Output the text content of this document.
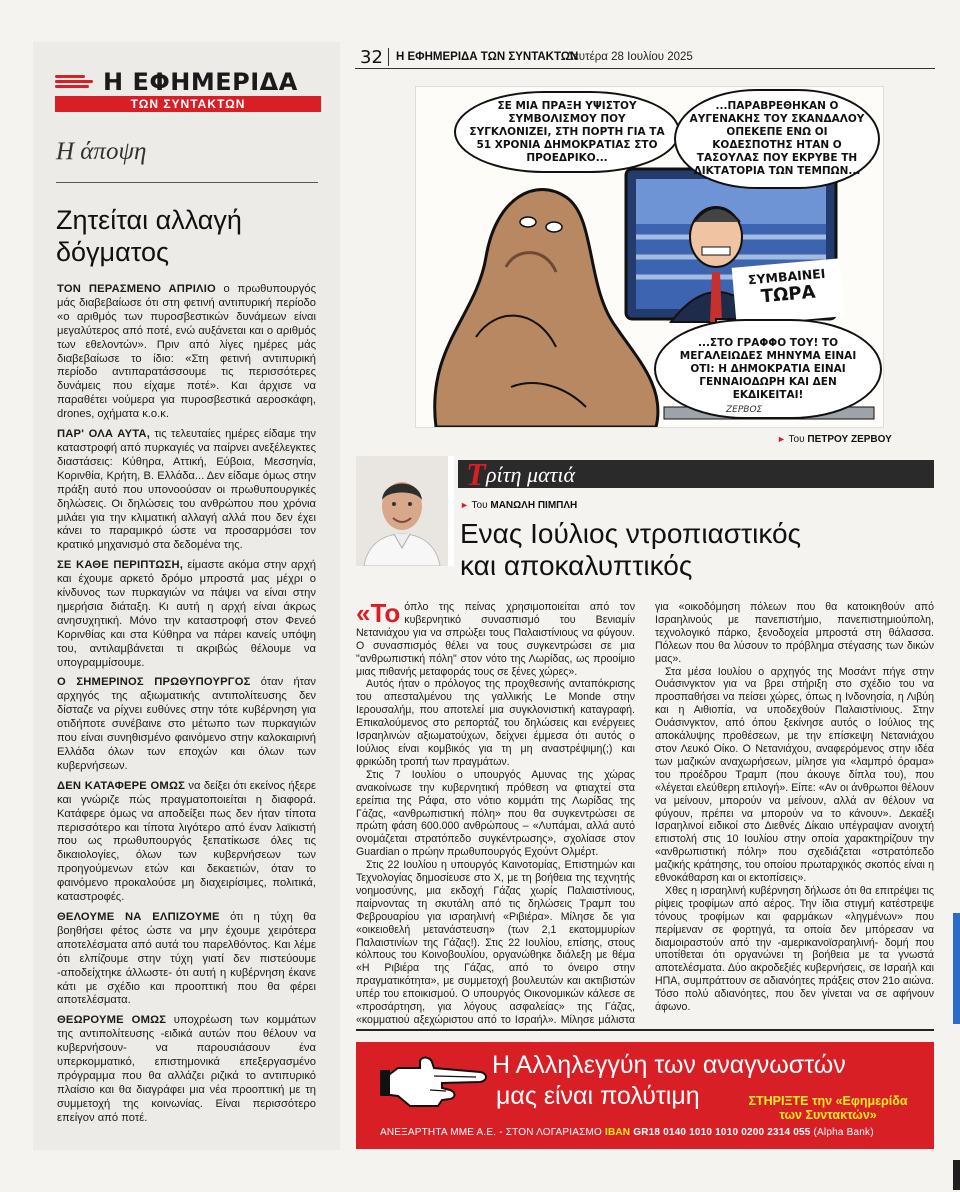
Η ΕΦΗΜΕΡΙΔΑ
ΤΩΝ ΣΥΝΤΑΚΤΩΝ
Η άποψη
Ζητείται αλλαγή
δόγματος

ΤΟΝ ΠΕΡΑΣΜΕΝΟ ΑΠΡΙΛΙΟ ο πρωθυπουργός μάς διαβεβαίωσε ότι στη φετινή αντιπυρική περίοδο «ο αριθμός των πυροσβεστικών δυνάμεων είναι μεγαλύτερος από ποτέ, ενώ αυξάνεται και ο αριθμός των εθελοντών». Πριν από λίγες ημέρες μάς διαβεβαίωσε το ίδιο: «Στη φετινή αντιπυρική περίοδο αντιπαρατάσσουμε τις περισσότερες δυνάμεις που είχαμε ποτέ». Και άρχισε να παραθέτει νούμερα για πυροσβεστικά αεροσκάφη, drones, οχήματα κ.ο.κ.

ΠΑΡ' ΟΛΑ ΑΥΤΑ, τις τελευταίες ημέρες είδαμε την καταστροφή από πυρκαγιές να παίρνει ανεξέλεγκτες διαστάσεις: Κύθηρα, Αττική, Εύβοια, Μεσσηνία, Κορινθία, Κρήτη, Β. Ελλάδα... Δεν είδαμε όμως στην πράξη αυτό που υπονοούσαν οι πρωθυπουργικές δηλώσεις. Οι δηλώσεις του ανθρώπου που χρόνια μιλάει για την κλιματική αλλαγή αλλά που δεν έχει κάνει το παραμικρό ώστε να προσαρμόσει τον κρατικό μηχανισμό στα δεδομένα της.

ΣΕ ΚΑΘΕ ΠΕΡΙΠΤΩΣΗ, είμαστε ακόμα στην αρχή και έχουμε αρκετό δρόμο μπροστά μας μέχρι ο κίνδυνος των πυρκαγιών να πάψει να είναι στην ημερήσια διάταξη. Κι αυτή η αρχή είναι άκρως ανησυχητική. Μόνο την καταστροφή στον Φενεό Κορινθίας και στα Κύθηρα να πάρει κανείς υπόψη του, αντιλαμβάνεται τι ακριβώς θέλουμε να υπογραμμίσουμε.

Ο ΣΗΜΕΡΙΝΟΣ ΠΡΩΘΥΠΟΥΡΓΟΣ όταν ήταν αρχηγός της αξιωματικής αντιπολίτευσης δεν δίσταζε να ρίχνει ευθύνες στην τότε κυβέρνηση για οτιδήποτε συνέβαινε στο μέτωπο των πυρκαγιών που είναι συνηθισμένο φαινόμενο στην καλοκαιρινή Ελλάδα όλων των εποχών και όλων των κυβερνήσεων.

ΔΕΝ ΚΑΤΑΦΕΡΕ ΟΜΩΣ να δείξει ότι εκείνος ήξερε και γνώριζε πώς πραγματοποιείται η διαφορά. Κατάφερε όμως να αποδείξει πως δεν ήταν τίποτα περισσότερο και τίποτα λιγότερο από έναν λαϊκιστή που ως πρωθυπουργός ξεπατίκωσε όλες τις δικαιολογίες, όλων των κυβερνήσεων των προηγούμενων ετών και δεκαετιών, όταν το φαινόμενο προκαλούσε μη διαχειρίσιμες, πολιτικά, καταστροφές.

ΘΕΛΟΥΜΕ ΝΑ ΕΛΠΙΖΟΥΜΕ ότι η τύχη θα βοηθήσει φέτος ώστε να μην έχουμε χειρότερα αποτελέσματα από αυτά του παρελθόντος. Και λέμε ότι ελπίζουμε στην τύχη γιατί δεν πιστεύουμε -αποδείχτηκε άλλωστε- ότι αυτή η κυβέρνηση έκανε κάτι με σχέδιο και προοπτική που θα φέρει αποτελέσματα.

ΘΕΩΡΟΥΜΕ ΟΜΩΣ υποχρέωση των κομμάτων της αντιπολίτευσης -ειδικά αυτών που θέλουν να κυβερνήσουν- να παρουσιάσουν ένα υπερκομματικό, επιστημονικά επεξεργασμένο πρόγραμμα που θα αλλάζει ριζικά το αντιπυρικό πλαίσιο και θα διαγράφει μια νέα προοπτική με τη συμμετοχή της κοινωνίας. Είναι περισσότερο επείγον από ποτέ.

32 Η ΕΦΗΜΕΡΙΔΑ ΤΩΝ ΣΥΝΤΑΚΤΩΝ
Δευτέρα 28 Ιουλίου 2025
ΣΕ ΜΙΑ ΠΡΑΞΗ ΥΨΙΣΤΟΥ ΣΥΜΒΟΛΙΣΜΟΥ ΠΟΥ ΣΥΓΚΛΟΝΙΖΕΙ, ΣΤΗ ΠΟΡΤΗ ΓΙΑ ΤΑ 51 ΧΡΟΝΙΑ ΔΗΜΟΚΡΑΤΙΑΣ ΣΤΟ ΠΡΟΕΔΡΙΚΟ...
...ΠΑΡΑΒΡΕΘΗΚΑΝ Ο ΑΥΓΕΝΑΚΗΣ ΤΟΥ ΣΚΑΝΔΑΛΟΥ ΟΠΕΚΕΠΕ ΕΝΩ ΟΙ ΚΟΔΕΣΠΟΤΗΣ ΗΤΑΝ Ο ΤΑΣΟΥΛΑΣ ΠΟΥ ΕΚΡΥΒΕ ΤΗ ΔΙΚΤΑΤΟΡΙΑ ΤΩΝ ΤΕΜΠΩΝ...
ΣΥΜΒΑΙΝΕΙ
ΤΩΡΑ
...ΣΤΟ ΓΡΑΦΦΟ ΤΟΥ! ΤΟ ΜΕΓΑΛΕΙΩΔΕΣ ΜΗΝΥΜΑ ΕΙΝΑΙ ΟΤΙ: Η ΔΗΜΟΚΡΑΤΙΑ ΕΙΝΑΙ ΓΕΝΝΑΙΟΔΩΡΗ ΚΑΙ ΔΕΝ ΕΚΔΙΚΕΙΤΑΙ!
ΖΕΡΒΟΣ
► Του ΠΕΤΡΟΥ ΖΕΡΒΟΥ
Τ ρίτη ματιά
► Του ΜΑΝΩΛΗ ΠΙΜΠΛΗ
Ενας Ιούλιος ντροπιαστικός
και αποκαλυπτικός

«Το όπλο της πείνας χρησιμοποιείται από τον κυβερνητικό συνασπισμό του Βενιαμίν Νετανιάχου για να σπρώξει τους Παλαιστίνιους να φύγουν. Ο συνασπισμός θέλει να τους συγκεντρώσει σε μια "ανθρωπιστική πόλη" στον νότο της Λωρίδας, ως προοίμιο μιας πιθανής μεταφοράς τους σε ξένες χώρες».

Αυτός ήταν ο πρόλογος της προχθεσινής ανταπόκρισης του απεσταλμένου της γαλλικής Le Monde στην Ιερουσαλήμ, που αποτελεί μια συγκλονιστική καταγραφή. Επικαλούμενος στο ρεπορτάζ του δηλώσεις και ενέργειες Ισραηλινών αξιωματούχων, δείχνει έμμεσα ότι αυτός ο Ιούλιος είναι κομβικός για τη μη αναστρέψιμη(;) και φρικώδη τροπή των πραγμάτων.

Στις 7 Ιουλίου ο υπουργός Αμυνας της χώρας ανακοίνωσε την κυβερνητική πρόθεση να φτιαχτεί στα ερείπια της Ράφα, στο νότιο κομμάτι της Λωρίδας της Γάζας, «ανθρωπιστική πόλη» που θα συγκεντρώσει σε πρώτη φάση 600.000 ανθρώπους – «Λυπάμαι, αλλά αυτό ονομάζεται στρατόπεδο συγκέντρωσης», σχολίασε στον Guardian ο πρώην πρωθυπουργός Εχούντ Ολμέρτ.

Στις 22 Ιουλίου η υπουργός Καινοτομίας, Επιστημών και Τεχνολογίας δημοσίευσε στο Χ, με τη βοήθεια της τεχνητής νοημοσύνης, μια εκδοχή Γάζας χωρίς Παλαιστίνιους, παίρνοντας τη σκυτάλη από τις δηλώσεις Τραμπ του Φεβρουαρίου για ισραηλινή «Ριβιέρα». Μίλησε δε για «οικειοθελή μετανάστευση» (των 2,1 εκατομμυρίων Παλαιστινίων της Γάζας!). Στις 22 Ιουλίου, επίσης, στους κόλπους του Κοινοβουλίου, οργανώθηκε διάλεξη με θέμα «Η Ριβιέρα της Γάζας, από το όνειρο στην πραγματικότητα», με συμμετοχή βουλευτών και ακτιβιστών υπέρ του εποικισμού. Ο υπουργός Οικονομικών κάλεσε σε «προσάρτηση, για λόγους ασφαλείας» της Γάζας, «κομματιού αξεχώριστου από το Ισραήλ». Μίλησε μάλιστα για «οικοδόμηση πόλεων που θα κατοικηθούν από Ισραηλινούς με πανεπιστήμιο, πανεπιστημιούπολη, τεχνολογικό πάρκο, ξενοδοχεία μπροστά στη θάλασσα. Πόλεων που θα λύσουν το πρόβλημα στέγασης των δικών μας».

Στα μέσα Ιουλίου ο αρχηγός της Μοσάντ πήγε στην Ουάσινγκτον για να βρει στήριξη στο σχέδιο του να προσπαθήσει να πείσει χώρες, όπως η Ινδονησία, η Λιβύη και η Αιθιοπία, να υποδεχθούν Παλαιστίνιους. Στην Ουάσινγκτον, από όπου ξεκίνησε αυτός ο Ιούλιος της αποκάλυψης προθέσεων, με την επίσκεψη Νετανιάχου στον Λευκό Οίκο. Ο Νετανιάχου, αναφερόμενος στην ιδέα των μαζικών αναχωρήσεων, μίλησε για «λαμπρό όραμα» του προέδρου Τραμπ (που άκουγε δίπλα του), που «λέγεται ελεύθερη επιλογή». Είπε: «Αν οι άνθρωποι θέλουν να μείνουν, μπορούν να μείνουν, αλλά αν θέλουν να φύγουν, πρέπει να μπορούν να το κάνουν». Δεκαέξι Ισραηλινοί ειδικοί στο Διεθνές Δίκαιο υπέγραψαν ανοιχτή επιστολή στις 10 Ιουλίου στην οποία χαρακτηρίζουν την «ανθρωπιστική πόλη» που σχεδιάζεται «στρατόπεδο μαζικής κράτησης, του οποίου πρωταρχικός σκοπός είναι η εθνοκάθαρση και οι εκτοπίσεις».

Χθες η ισραηλινή κυβέρνηση δήλωσε ότι θα επιτρέψει τις ρίψεις τροφίμων από αέρος. Την ίδια στιγμή κατέστρεψε τόνους τροφίμων και φαρμάκων «ληγμένων» που περίμεναν σε φορτηγά, τα οποία δεν μπόρεσαν να διαμοιραστούν από την -αμερικανοϊσραηλινή- δομή που υποτίθεται ότι οργανώνει τη βοήθεια με τα γνωστά αποτελέσματα. Δύο ακροδεξιές κυβερνήσεις, σε Ισραήλ και ΗΠΑ, συμπράττουν σε αδιανόητες πράξεις στον 21ο αιώνα. Τόσο πολύ αδιανόητες, που δεν γίνεται να σε αφήνουν άφωνο.

Η Αλληλεγγύη των αναγνωστών
μας είναι πολύτιμη	ΣΤΗΡΙΞΤΕ την «Εφημερίδα
των Συντακτών»
ΑΝΕΞΑΡΤΗΤΑ ΜΜΕ Α.Ε. - ΣΤΟΝ ΛΟΓΑΡΙΑΣΜΟ IBAN GR18 0140 1010 1010 0200 2314 055 (Alpha Bank)
